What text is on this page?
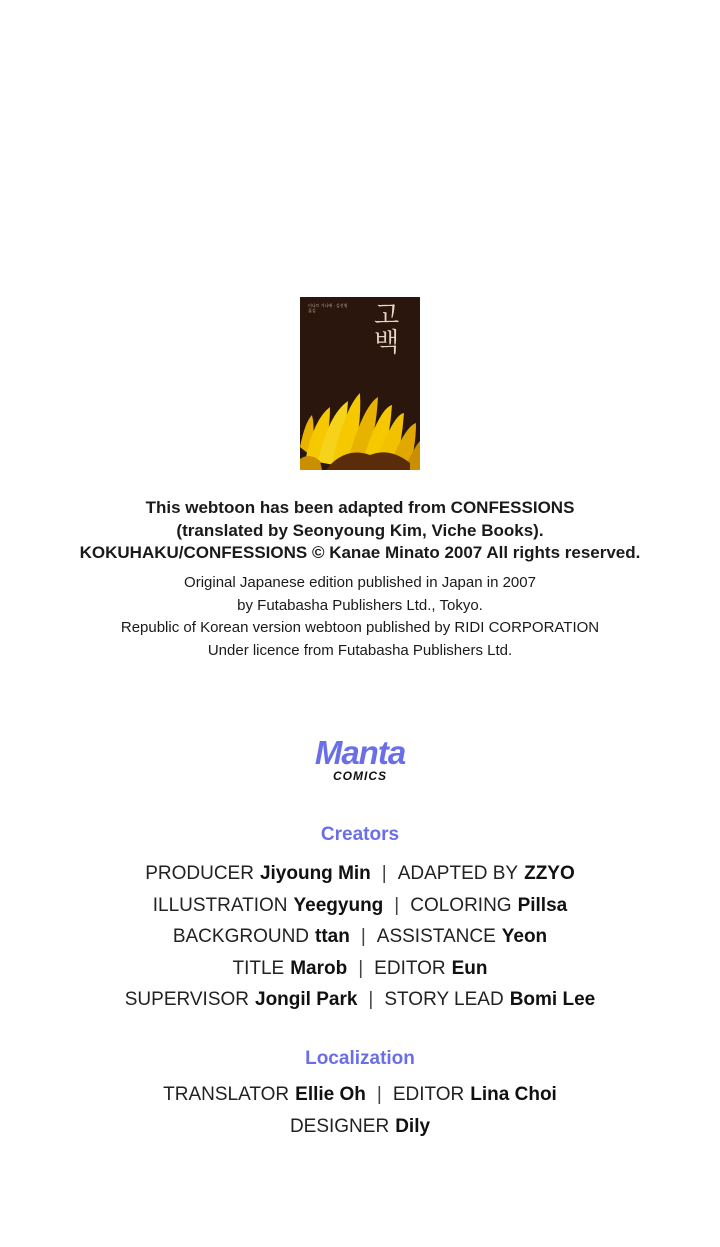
미나토 가나에 · 김선영 옮김	고백
This webtoon has been adapted from CONFESSIONS
(translated by Seonyoung Kim, Viche Books).
KOKUHAKU/CONFESSIONS © Kanae Minato 2007 All rights reserved.
Original Japanese edition published in Japan in 2007
by Futabasha Publishers Ltd., Tokyo.
Republic of Korean version webtoon published by RIDI CORPORATION
Under licence from Futabasha Publishers Ltd.
Manta
COMICS
Creators
PRODUCER Jiyoung Min | ADAPTED BY ZZYO
ILLUSTRATION Yeegyung | COLORING Pillsa
BACKGROUND ttan | ASSISTANCE Yeon
TITLE Marob | EDITOR Eun
SUPERVISOR Jongil Park | STORY LEAD Bomi Lee
Localization
TRANSLATOR Ellie Oh | EDITOR Lina Choi
DESIGNER Dily
